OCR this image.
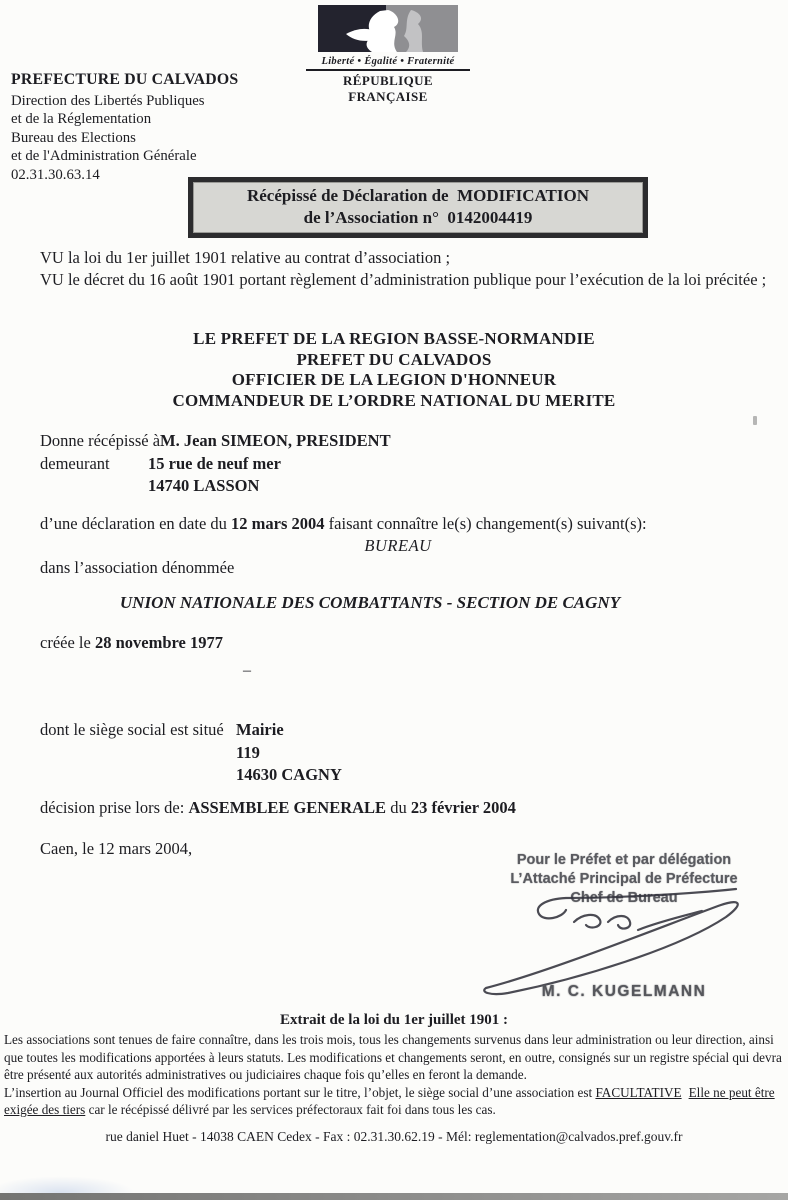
Liberté • Égalité • Fraternité
RÉPUBLIQUE FRANÇAISE
PREFECTURE DU CALVADOS
Direction des Libertés Publiques
et de la Réglementation
Bureau des Elections
et de l'Administration Générale
02.31.30.63.14
Récépissé de Déclaration de  MODIFICATION
de l’Association n°  0142004419
VU la loi du 1er juillet 1901 relative au contrat d’association ;
VU le décret du 16 août 1901 portant règlement d’administration publique pour l’exécution de la loi précitée ;
LE PREFET DE LA REGION BASSE-NORMANDIE
PREFET DU CALVADOS
OFFICIER DE LA LEGION D'HONNEUR
COMMANDEUR DE L’ORDRE NATIONAL DU MERITE
Donne récépissé à M. Jean SIMEON, PRESIDENT
demeurant	15 rue de neuf mer
14740 LASSON
d’une déclaration en date du 12 mars 2004 faisant connaître le(s) changement(s) suivant(s):
BUREAU
dans l’association dénommée
UNION NATIONALE DES COMBATTANTS - SECTION DE CAGNY
créée le 28 novembre 1977
–
dont le siège social est situé Mairie
119
14630 CAGNY
décision prise lors de: ASSEMBLEE GENERALE du 23 février 2004
Caen, le 12 mars 2004,
Pour le Préfet et par délégation
L’Attaché Principal de Préfecture
Chef de Bureau
M. C. KUGELMANN
Extrait de la loi du 1er juillet 1901 :
Les associations sont tenues de faire connaître, dans les trois mois, tous les changements survenus dans leur administration ou leur direction, ainsi
que toutes les modifications apportées à leurs statuts. Les modifications et changements seront, en outre, consignés sur un registre spécial qui devra
être présenté aux autorités administratives ou judiciaires chaque fois qu’elles en feront la demande.
L’insertion au Journal Officiel des modifications portant sur le titre, l’objet, le siège social d’une association est FACULTATIVE Elle ne peut être
exigée des tiers car le récépissé délivré par les services préfectoraux fait foi dans tous les cas.
rue daniel Huet - 14038 CAEN Cedex - Fax : 02.31.30.62.19 - Mél: reglementation@calvados.pref.gouv.fr
